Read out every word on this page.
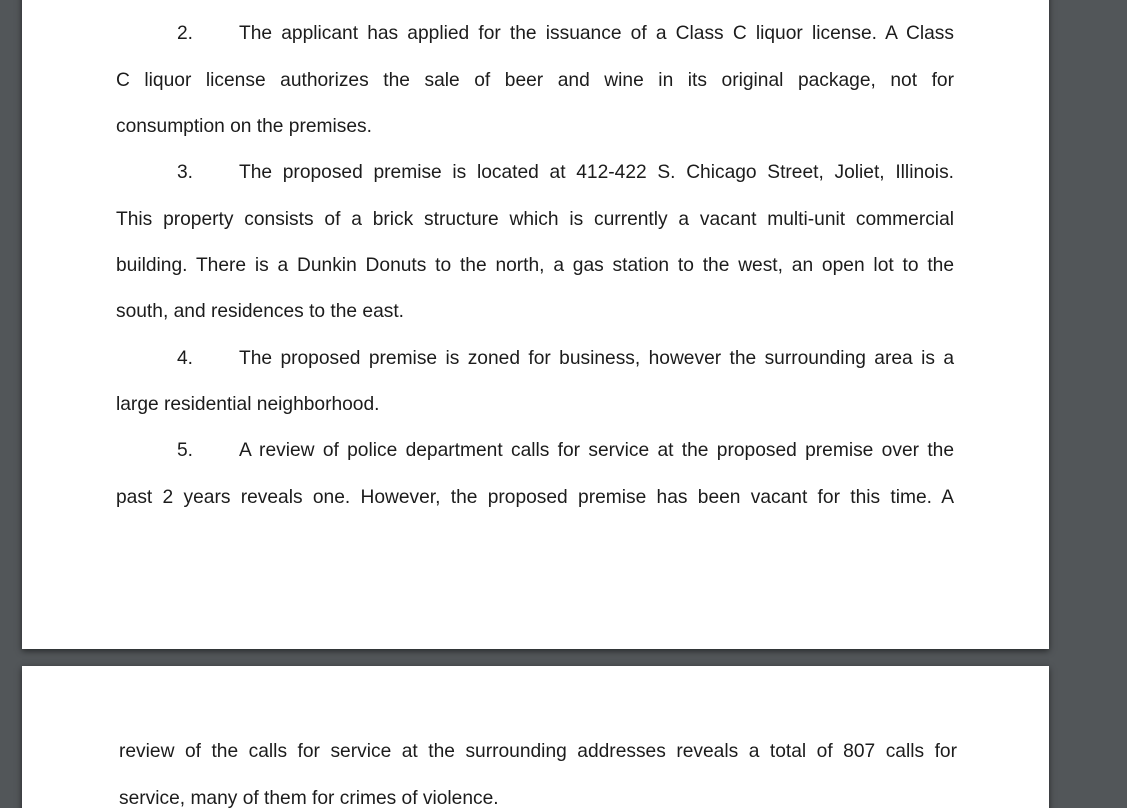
2. The applicant has applied for the issuance of a Class C liquor license. A Class
C liquor license authorizes the sale of beer and wine in its original package, not for
consumption on the premises.
3. The proposed premise is located at 412-422 S. Chicago Street, Joliet, Illinois.
This property consists of a brick structure which is currently a vacant multi-unit commercial
building. There is a Dunkin Donuts to the north, a gas station to the west, an open lot to the
south, and residences to the east.
4. The proposed premise is zoned for business, however the surrounding area is a
large residential neighborhood.
5. A review of police department calls for service at the proposed premise over the
past 2 years reveals one. However, the proposed premise has been vacant for this time. A
review of the calls for service at the surrounding addresses reveals a total of 807 calls for
service, many of them for crimes of violence.
